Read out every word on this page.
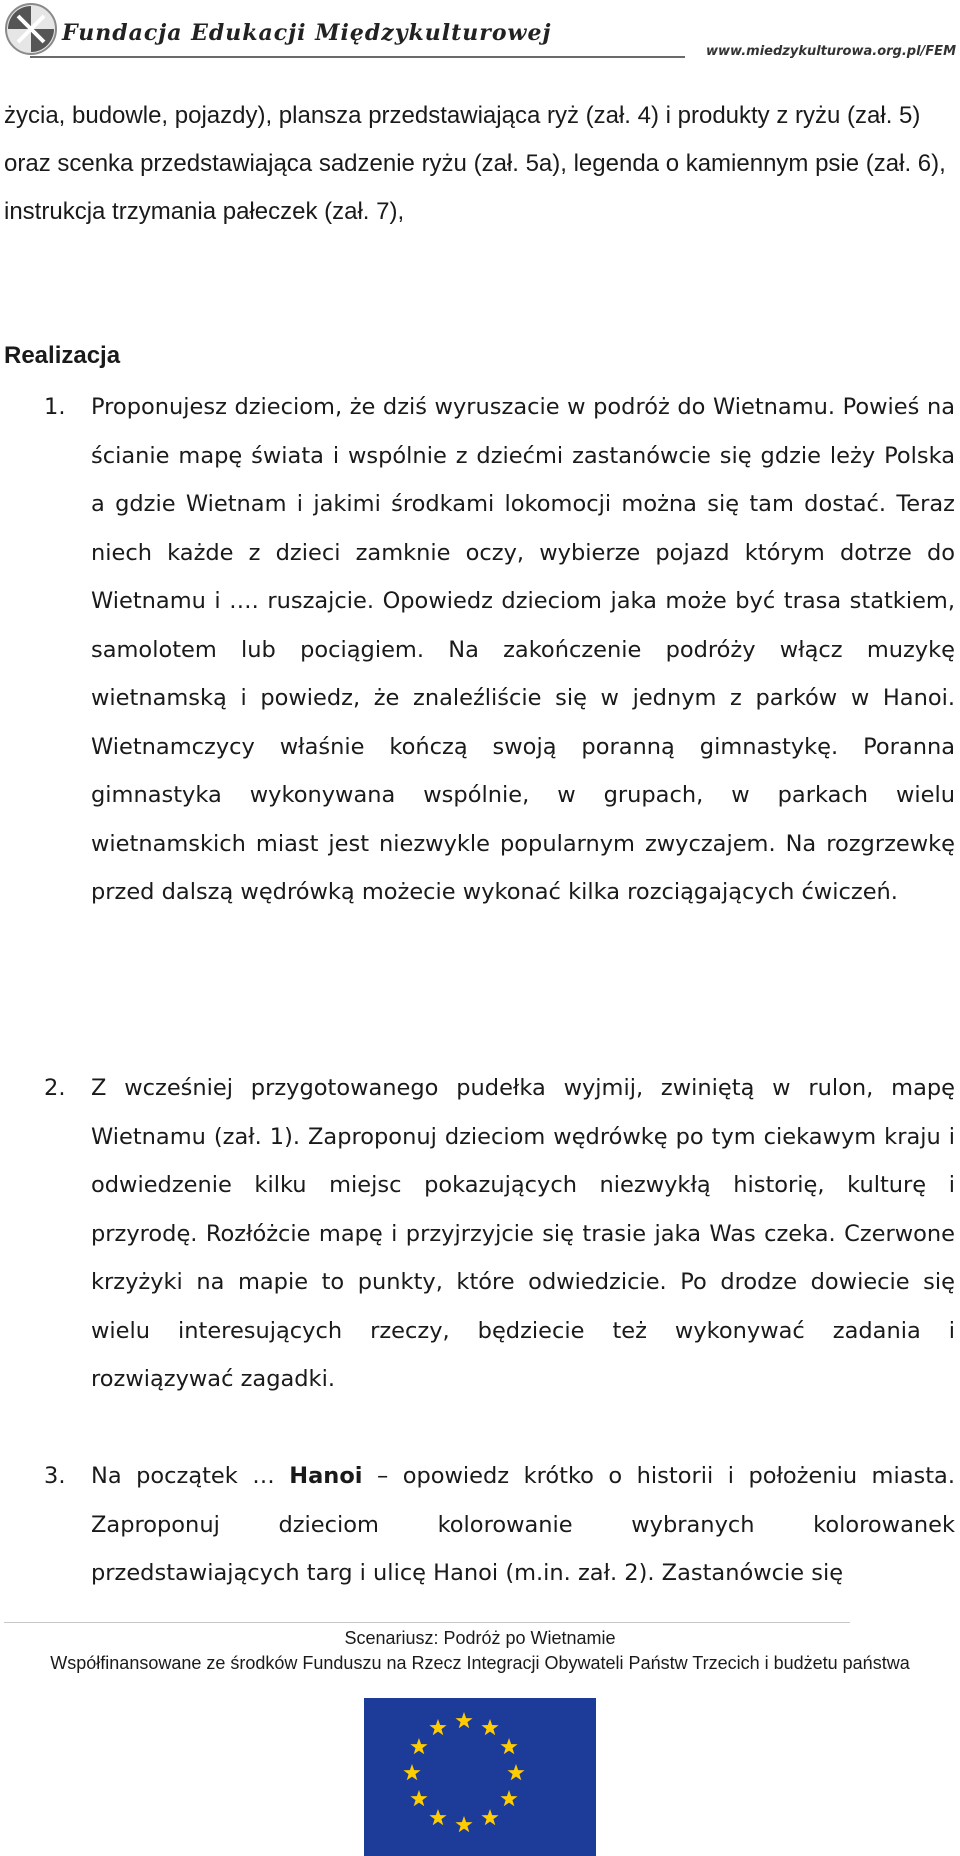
Fundacja Edukacji Międzykulturowej
www.miedzykulturowa.org.pl/FEM

życia, budowle, pojazdy), plansza przedstawiająca ryż (zał. 4) i produkty z ryżu (zał. 5) oraz scenka przedstawiająca sadzenie ryżu (zał. 5a), legenda o kamiennym psie (zał. 6), instrukcja trzymania pałeczek (zał. 7),

Realizacja
1.	Proponujesz dzieciom, że dziś wyruszacie w podróż do Wietnamu. Powieś na ścianie mapę świata i wspólnie z dziećmi zastanówcie się gdzie leży Polska a gdzie Wietnam i jakimi środkami lokomocji można się tam dostać. Teraz niech każde z dzieci zamknie oczy, wybierze pojazd którym dotrze do Wietnamu i …. ruszajcie. Opowiedz dzieciom jaka może być trasa statkiem, samolotem lub pociągiem. Na zakończenie podróży włącz muzykę wietnamską i powiedz, że znaleźliście się w jednym z parków w Hanoi. Wietnamczycy właśnie kończą swoją poranną gimnastykę. Poranna gimnastyka wykonywana wspólnie, w grupach, w parkach wielu wietnamskich miast jest niezwykle popularnym zwyczajem. Na rozgrzewkę przed dalszą wędrówką możecie wykonać kilka rozciągających ćwiczeń.
2.	Z wcześniej przygotowanego pudełka wyjmij, zwiniętą w rulon, mapę Wietnamu (zał. 1). Zaproponuj dzieciom wędrówkę po tym ciekawym kraju i odwiedzenie kilku miejsc pokazujących niezwykłą historię, kulturę i przyrodę. Rozłóżcie mapę i przyjrzyjcie się trasie jaka Was czeka. Czerwone krzyżyki na mapie to punkty, które odwiedzicie. Po drodze dowiecie się wielu interesujących rzeczy, będziecie też wykonywać zadania i rozwiązywać zagadki.
3.	Na początek … Hanoi – opowiedz krótko o historii i położeniu miasta. Zaproponuj dzieciom kolorowanie wybranych kolorowanek przedstawiających targ i ulicę Hanoi (m.in. zał. 2). Zastanówcie się
Scenariusz: Podróż po Wietnamie
Współfinansowane ze środków Funduszu na Rzecz Integracji Obywateli Państw Trzecich i budżetu państwa
